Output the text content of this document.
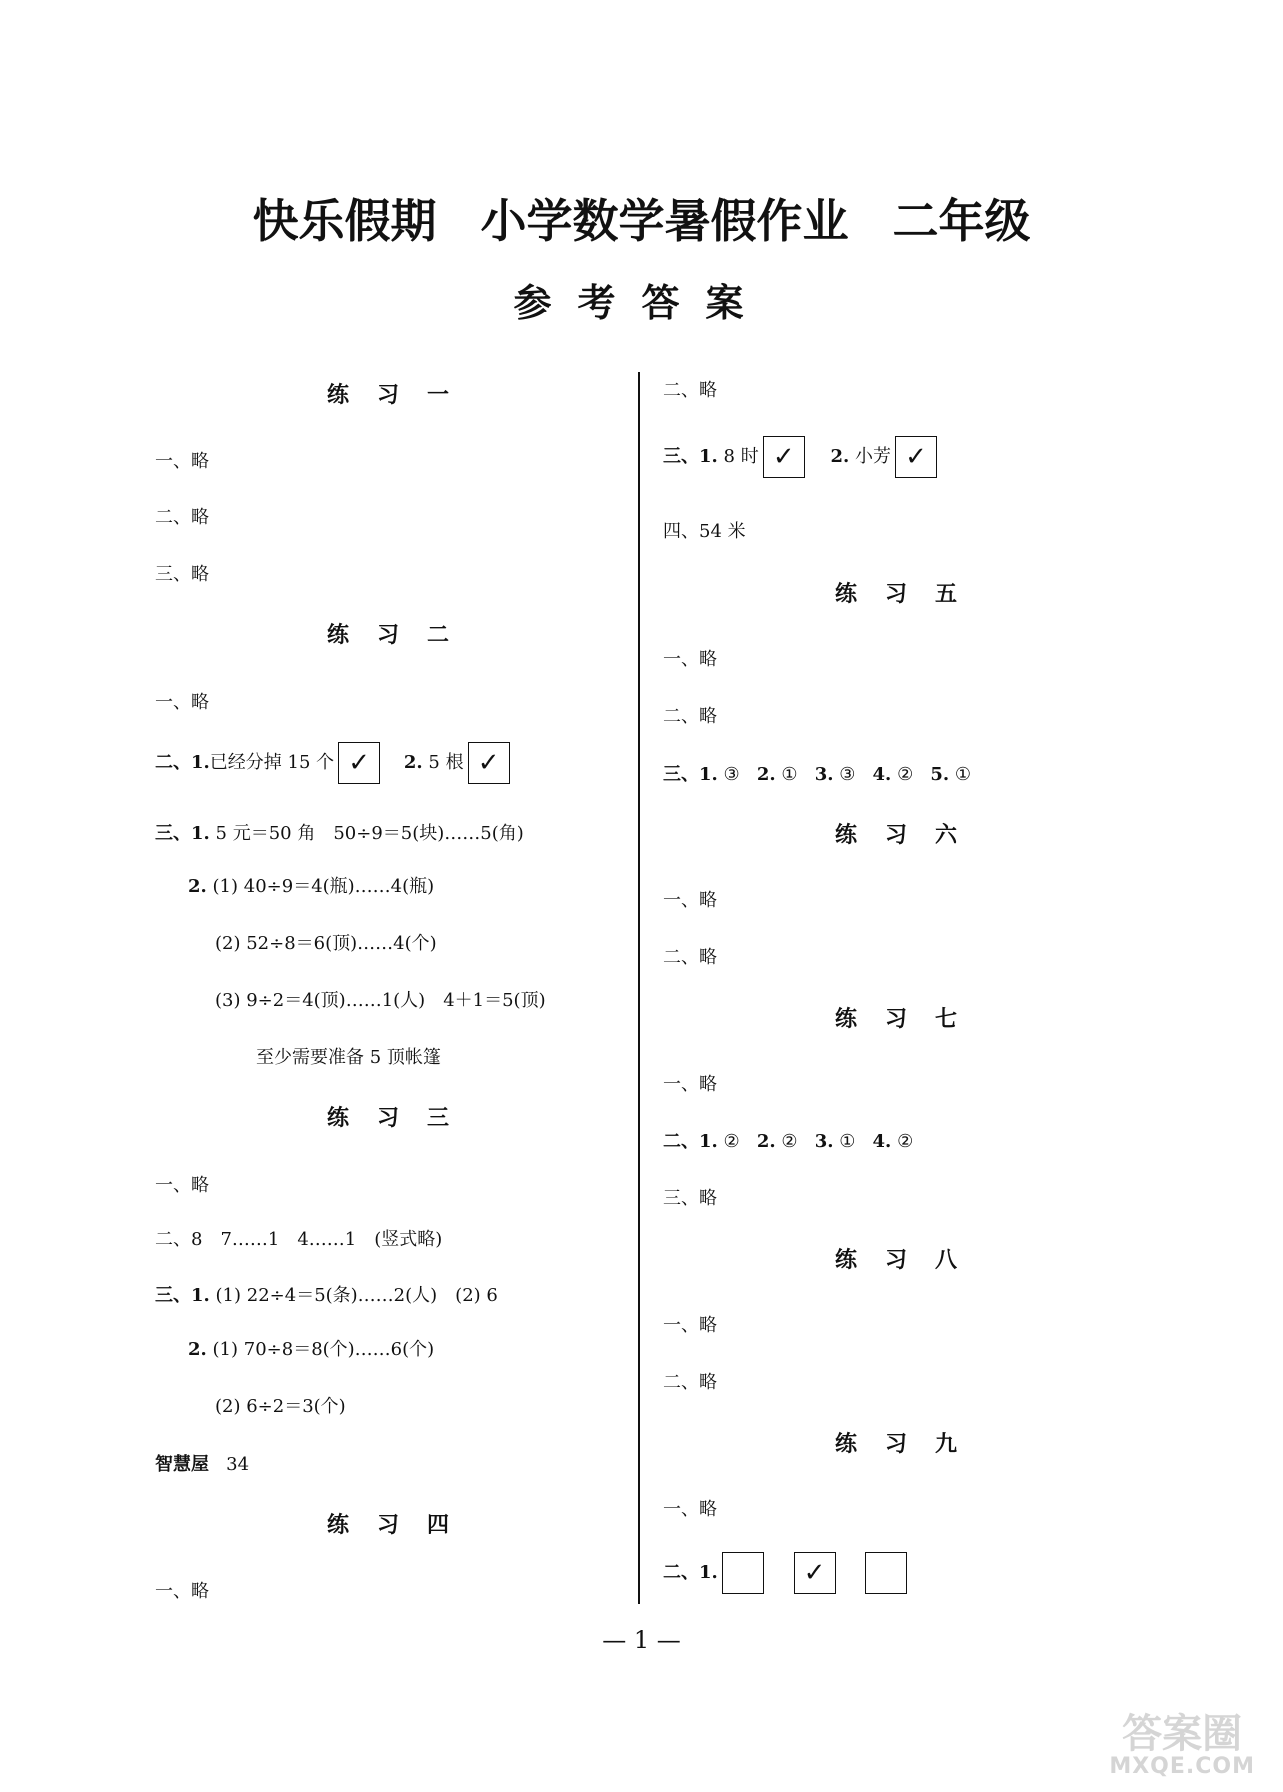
快乐假期 小学数学暑假作业 二年级
参考答案
练习一
一、略
二、略
三、略
练习二
一、略
二、1.已经分掉 15 个 ✓ 2. 5 根 ✓
三、1. 5 元＝50 角　50÷9＝5(块)……5(角)
2. (1) 40÷9＝4(瓶)……4(瓶)
(2) 52÷8＝6(顶)……4(个)
(3) 9÷2＝4(顶)……1(人)　4＋1＝5(顶)
至少需要准备 5 顶帐篷
练习三
一、略
二、8　7……1　4……1　(竖式略)
三、1. (1) 22÷4＝5(条)……2(人)　(2) 6
2. (1) 70÷8＝8(个)……6(个)
(2) 6÷2＝3(个)
智慧屋 34
练习四
一、略
二、略
三、1. 8 时 ✓ 2. 小芳 ✓
四、54 米
练习五
一、略
二、略
三、1. ③ 2. ① 3. ③ 4. ② 5. ①
练习六
一、略
二、略
练习七
一、略
二、1. ② 2. ② 3. ① 4. ②
三、略
练习八
一、略
二、略
练习九
一、略
二、1.	✓
— 1 —
答案圈
MXQE.COM
